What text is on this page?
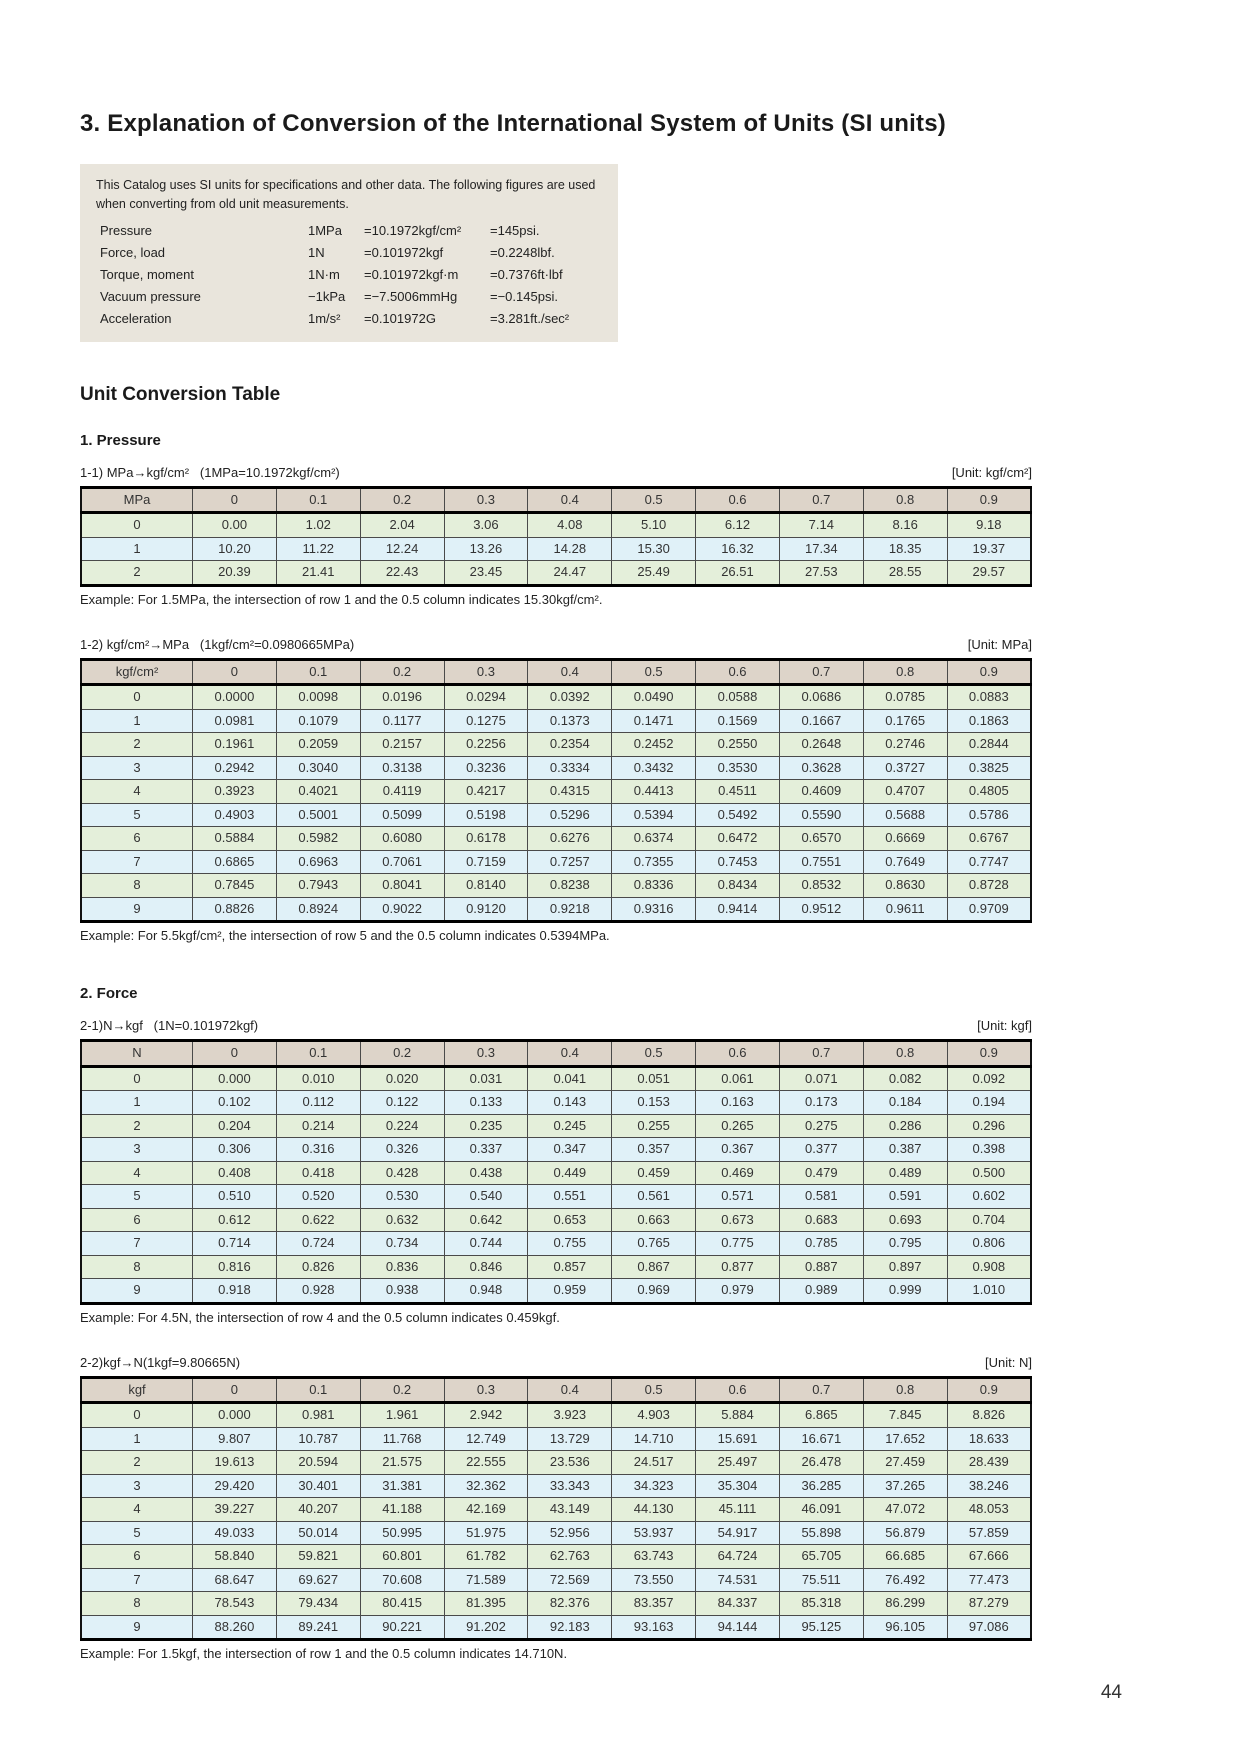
3. Explanation of Conversion of the International System of Units (SI units)

This Catalog uses SI units for specifications and other data. The following figures are used when converting from old unit measurements.

Pressure	1MPa	=10.1972kgf/cm²	=145psi.
Force, load	1N	=0.101972kgf	=0.2248lbf.
Torque, moment	1N·m	=0.101972kgf·m	=0.7376ft·lbf
Vacuum pressure	−1kPa	=−7.5006mmHg	=−0.145psi.
Acceleration	1m/s²	=0.101972G	=3.281ft./sec²
Unit Conversion Table
1. Pressure
1-1) MPa→kgf/cm²   (1MPa=10.1972kgf/cm²)	[Unit: kgf/cm²]
MPa	0	0.1	0.2	0.3	0.4	0.5	0.6	0.7	0.8	0.9
0	0.00	1.02	2.04	3.06	4.08	5.10	6.12	7.14	8.16	9.18
1	10.20	11.22	12.24	13.26	14.28	15.30	16.32	17.34	18.35	19.37
2	20.39	21.41	22.43	23.45	24.47	25.49	26.51	27.53	28.55	29.57

Example: For 1.5MPa, the intersection of row 1 and the 0.5 column indicates 15.30kgf/cm².

1-2) kgf/cm²→MPa   (1kgf/cm²=0.0980665MPa)	[Unit: MPa]
kgf/cm²	0	0.1	0.2	0.3	0.4	0.5	0.6	0.7	0.8	0.9
0	0.0000	0.0098	0.0196	0.0294	0.0392	0.0490	0.0588	0.0686	0.0785	0.0883
1	0.0981	0.1079	0.1177	0.1275	0.1373	0.1471	0.1569	0.1667	0.1765	0.1863
2	0.1961	0.2059	0.2157	0.2256	0.2354	0.2452	0.2550	0.2648	0.2746	0.2844
3	0.2942	0.3040	0.3138	0.3236	0.3334	0.3432	0.3530	0.3628	0.3727	0.3825
4	0.3923	0.4021	0.4119	0.4217	0.4315	0.4413	0.4511	0.4609	0.4707	0.4805
5	0.4903	0.5001	0.5099	0.5198	0.5296	0.5394	0.5492	0.5590	0.5688	0.5786
6	0.5884	0.5982	0.6080	0.6178	0.6276	0.6374	0.6472	0.6570	0.6669	0.6767
7	0.6865	0.6963	0.7061	0.7159	0.7257	0.7355	0.7453	0.7551	0.7649	0.7747
8	0.7845	0.7943	0.8041	0.8140	0.8238	0.8336	0.8434	0.8532	0.8630	0.8728
9	0.8826	0.8924	0.9022	0.9120	0.9218	0.9316	0.9414	0.9512	0.9611	0.9709

Example: For 5.5kgf/cm², the intersection of row 5 and the 0.5 column indicates 0.5394MPa.

2. Force
2-1)N→kgf   (1N=0.101972kgf)	[Unit: kgf]
N	0	0.1	0.2	0.3	0.4	0.5	0.6	0.7	0.8	0.9
0	0.000	0.010	0.020	0.031	0.041	0.051	0.061	0.071	0.082	0.092
1	0.102	0.112	0.122	0.133	0.143	0.153	0.163	0.173	0.184	0.194
2	0.204	0.214	0.224	0.235	0.245	0.255	0.265	0.275	0.286	0.296
3	0.306	0.316	0.326	0.337	0.347	0.357	0.367	0.377	0.387	0.398
4	0.408	0.418	0.428	0.438	0.449	0.459	0.469	0.479	0.489	0.500
5	0.510	0.520	0.530	0.540	0.551	0.561	0.571	0.581	0.591	0.602
6	0.612	0.622	0.632	0.642	0.653	0.663	0.673	0.683	0.693	0.704
7	0.714	0.724	0.734	0.744	0.755	0.765	0.775	0.785	0.795	0.806
8	0.816	0.826	0.836	0.846	0.857	0.867	0.877	0.887	0.897	0.908
9	0.918	0.928	0.938	0.948	0.959	0.969	0.979	0.989	0.999	1.010

Example: For 4.5N, the intersection of row 4 and the 0.5 column indicates 0.459kgf.

2-2)kgf→N(1kgf=9.80665N)	[Unit: N]
kgf	0	0.1	0.2	0.3	0.4	0.5	0.6	0.7	0.8	0.9
0	0.000	0.981	1.961	2.942	3.923	4.903	5.884	6.865	7.845	8.826
1	9.807	10.787	11.768	12.749	13.729	14.710	15.691	16.671	17.652	18.633
2	19.613	20.594	21.575	22.555	23.536	24.517	25.497	26.478	27.459	28.439
3	29.420	30.401	31.381	32.362	33.343	34.323	35.304	36.285	37.265	38.246
4	39.227	40.207	41.188	42.169	43.149	44.130	45.111	46.091	47.072	48.053
5	49.033	50.014	50.995	51.975	52.956	53.937	54.917	55.898	56.879	57.859
6	58.840	59.821	60.801	61.782	62.763	63.743	64.724	65.705	66.685	67.666
7	68.647	69.627	70.608	71.589	72.569	73.550	74.531	75.511	76.492	77.473
8	78.543	79.434	80.415	81.395	82.376	83.357	84.337	85.318	86.299	87.279
9	88.260	89.241	90.221	91.202	92.183	93.163	94.144	95.125	96.105	97.086

Example: For 1.5kgf, the intersection of row 1 and the 0.5 column indicates 14.710N.

44
